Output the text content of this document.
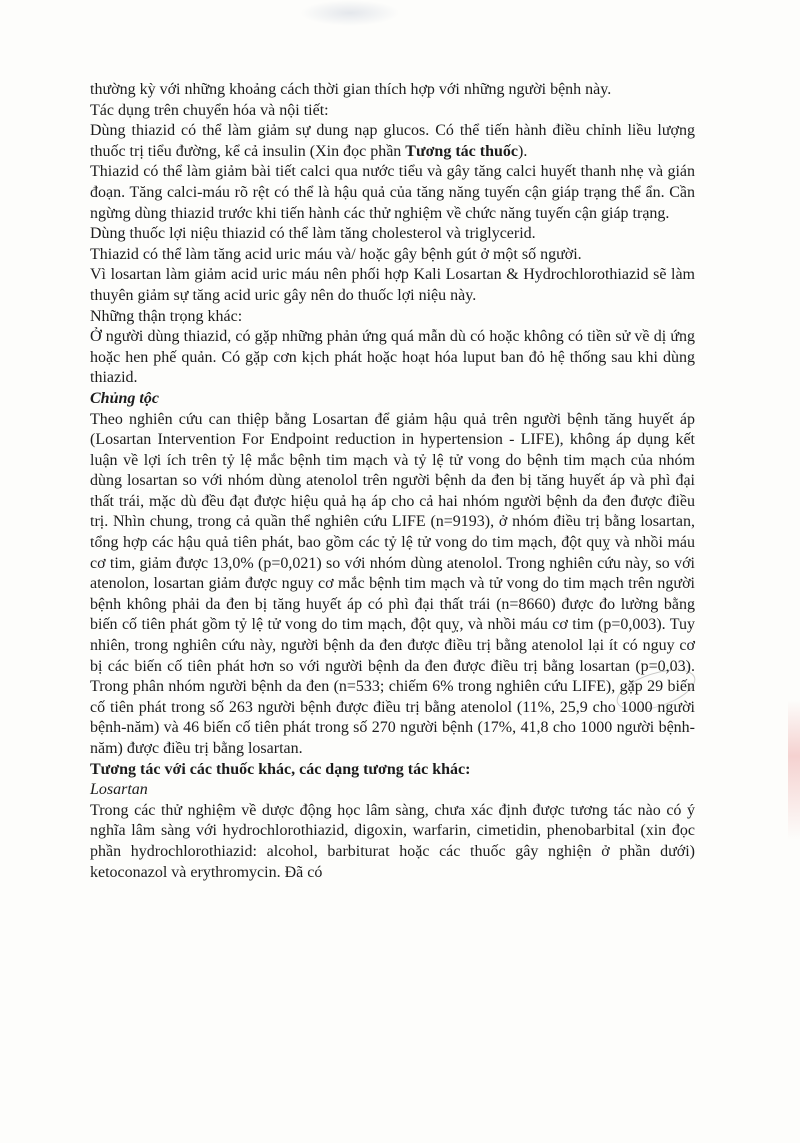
thường kỳ với những khoảng cách thời gian thích hợp với những người bệnh này.

Tác dụng trên chuyển hóa và nội tiết:

Dùng thiazid có thể làm giảm sự dung nạp glucos. Có thể tiến hành điều chỉnh liều lượng thuốc trị tiểu đường, kể cả insulin (Xin đọc phần Tương tác thuốc).

Thiazid có thể làm giảm bài tiết calci qua nước tiểu và gây tăng calci huyết thanh nhẹ và gián đoạn. Tăng calci-máu rõ rệt có thể là hậu quả của tăng năng tuyến cận giáp trạng thể ẩn. Cần ngừng dùng thiazid trước khi tiến hành các thử nghiệm về chức năng tuyến cận giáp trạng.

Dùng thuốc lợi niệu thiazid có thể làm tăng cholesterol và triglycerid.

Thiazid có thể làm tăng acid uric máu và/ hoặc gây bệnh gút ở một số người.

Vì losartan làm giảm acid uric máu nên phối hợp Kali Losartan & Hydrochlorothiazid sẽ làm thuyên giảm sự tăng acid uric gây nên do thuốc lợi niệu này.

Những thận trọng khác:

Ở người dùng thiazid, có gặp những phản ứng quá mẫn dù có hoặc không có tiền sử về dị ứng hoặc hen phế quản. Có gặp cơn kịch phát hoặc hoạt hóa luput ban đỏ hệ thống sau khi dùng thiazid.

Chủng tộc

Theo nghiên cứu can thiệp bằng Losartan để giảm hậu quả trên người bệnh tăng huyết áp (Losartan Intervention For Endpoint reduction in hypertension - LIFE), không áp dụng kết luận về lợi ích trên tỷ lệ mắc bệnh tim mạch và tỷ lệ tử vong do bệnh tim mạch của nhóm dùng losartan so với nhóm dùng atenolol trên người bệnh da đen bị tăng huyết áp và phì đại thất trái, mặc dù đều đạt được hiệu quả hạ áp cho cả hai nhóm người bệnh da đen được điều trị. Nhìn chung, trong cả quần thể nghiên cứu LIFE (n=9193), ở nhóm điều trị bằng losartan, tổng hợp các hậu quả tiên phát, bao gồm các tỷ lệ tử vong do tim mạch, đột quỵ và nhồi máu cơ tim, giảm được 13,0% (p=0,021) so với nhóm dùng atenolol. Trong nghiên cứu này, so với atenolon, losartan giảm được nguy cơ mắc bệnh tim mạch và tử vong do tim mạch trên người bệnh không phải da đen bị tăng huyết áp có phì đại thất trái (n=8660) được đo lường bằng biến cố tiên phát gồm tỷ lệ tử vong do tim mạch, đột quỵ, và nhồi máu cơ tim (p=0,003). Tuy nhiên, trong nghiên cứu này, người bệnh da đen được điều trị bằng atenolol lại ít có nguy cơ bị các biến cố tiên phát hơn so với người bệnh da đen được điều trị bằng losartan (p=0,03). Trong phân nhóm người bệnh da đen (n=533; chiếm 6% trong nghiên cứu LIFE), gặp 29 biến cố tiên phát trong số 263 người bệnh được điều trị bằng atenolol (11%, 25,9 cho 1000 người bệnh-năm) và 46 biến cố tiên phát trong số 270 người bệnh (17%, 41,8 cho 1000 người bệnh-năm) được điều trị bằng losartan.

Tương tác với các thuốc khác, các dạng tương tác khác:

Losartan

Trong các thử nghiệm về dược động học lâm sàng, chưa xác định được tương tác nào có ý nghĩa lâm sàng với hydrochlorothiazid, digoxin, warfarin, cimetidin, phenobarbital (xin đọc phần hydrochlorothiazid: alcohol, barbiturat hoặc các thuốc gây nghiện ở phần dưới) ketoconazol và erythromycin. Đã có
